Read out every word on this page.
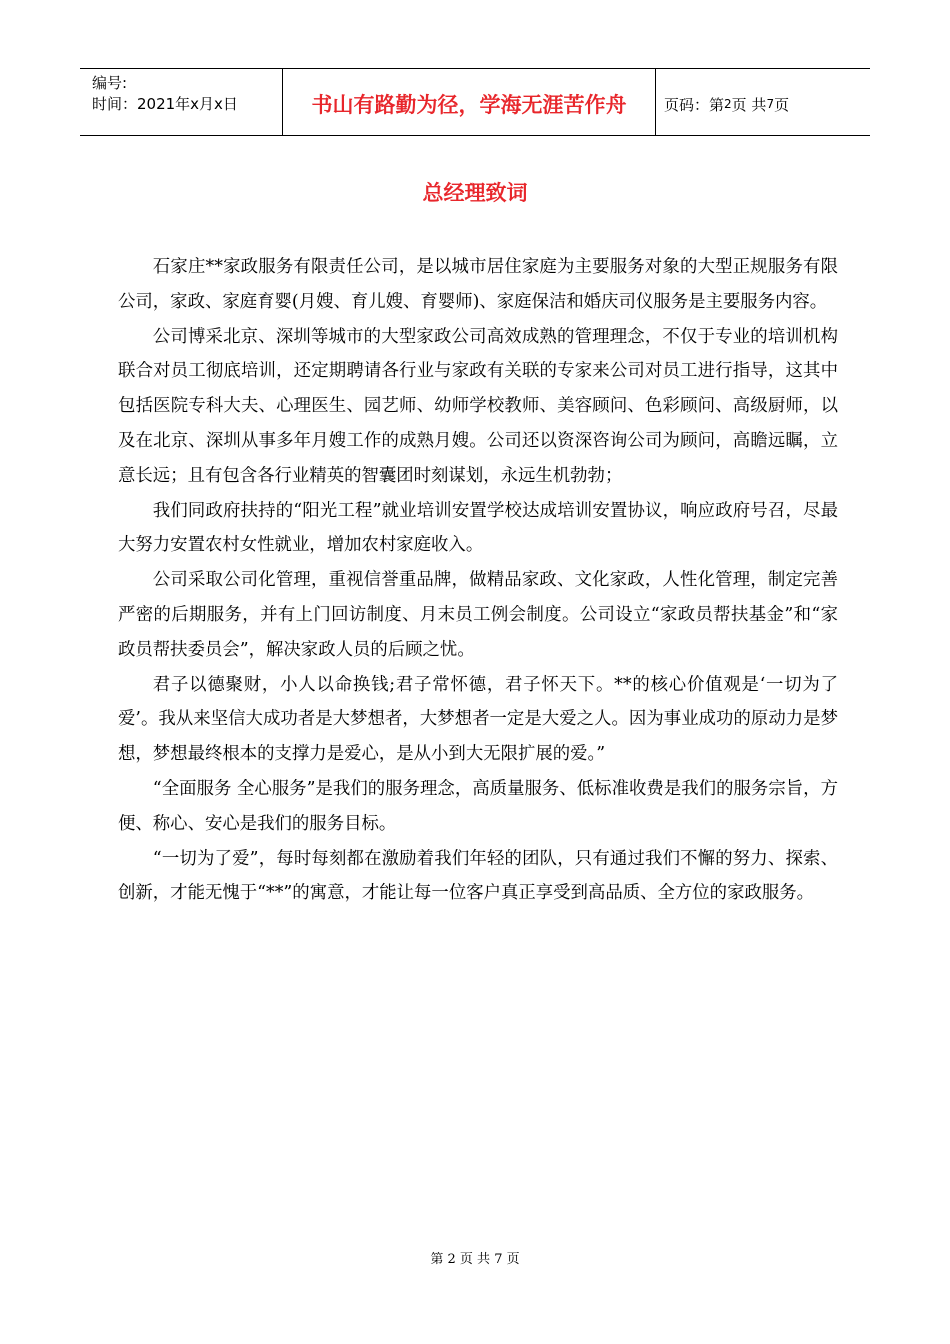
编号:
时间：2021年x月x日	书山有路勤为径，学海无涯苦作舟	页码：第 2 页 共 7 页
总经理致词

石家庄**家政服务有限责任公司，是以城市居住家庭为主要服务对象的大型正规服务有限公司，家政、家庭育婴(月嫂、育儿嫂、育婴师)、家庭保洁和婚庆司仪服务是主要服务内容。

公司博采北京、深圳等城市的大型家政公司高效成熟的管理理念，不仅于专业的培训机构联合对员工彻底培训，还定期聘请各行业与家政有关联的专家来公司对员工进行指导，这其中包括医院专科大夫、心理医生、园艺师、幼师学校教师、美容顾问、色彩顾问、高级厨师，以及在北京、深圳从事多年月嫂工作的成熟月嫂。公司还以资深咨询公司为顾问，高瞻远瞩，立意长远；且有包含各行业精英的智囊团时刻谋划，永远生机勃勃；

我们同政府扶持的“阳光工程”就业培训安置学校达成培训安置协议，响应政府号召，尽最大努力安置农村女性就业，增加农村家庭收入。

公司采取公司化管理，重视信誉重品牌，做精品家政、文化家政，人性化管理，制定完善严密的后期服务，并有上门回访制度、月末员工例会制度。公司设立“家政员帮扶基金”和“家政员帮扶委员会”，解决家政人员的后顾之忧。

君子以德聚财，小人以命换钱;君子常怀德，君子怀天下。**的核心价值观是‘一切为了爱’。我从来坚信大成功者是大梦想者，大梦想者一定是大爱之人。因为事业成功的原动力是梦想，梦想最终根本的支撑力是爱心，是从小到大无限扩展的爱。”

“全面服务 全心服务”是我们的服务理念，高质量服务、低标准收费是我们的服务宗旨，方便、称心、安心是我们的服务目标。

“一切为了爱”，每时每刻都在激励着我们年轻的团队，只有通过我们不懈的努力、探索、创新，才能无愧于“**”的寓意，才能让每一位客户真正享受到高品质、全方位的家政服务。

第 2 页 共 7 页
